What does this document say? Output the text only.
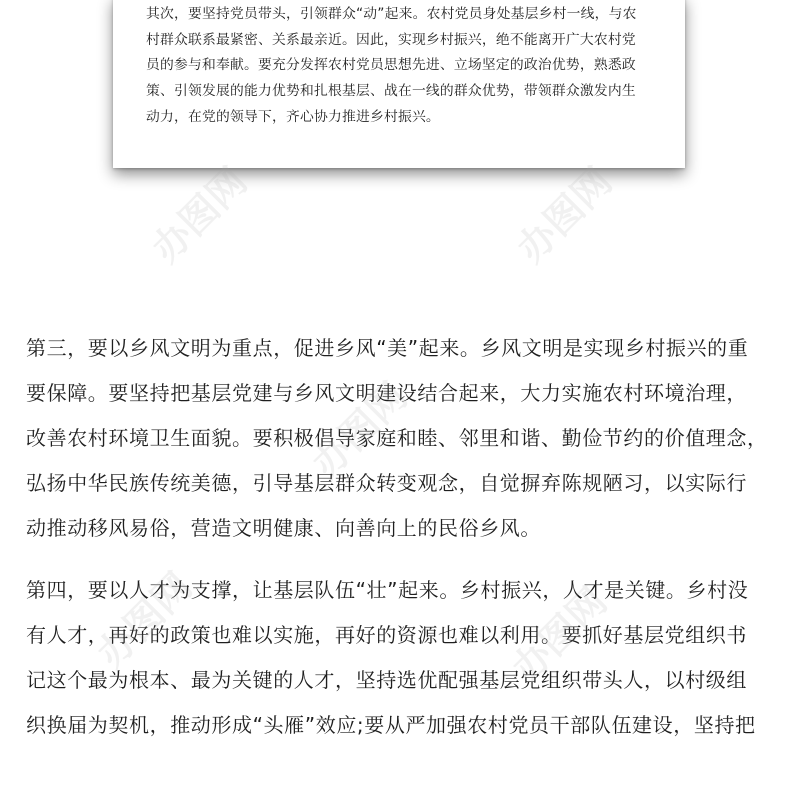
其次，要坚持党员带头，引领群众“动”起来。农村党员身处基层乡村一线，与农

村群众联系最紧密、关系最亲近。因此，实现乡村振兴，绝不能离开广大农村党

员的参与和奉献。要充分发挥农村党员思想先进、立场坚定的政治优势，熟悉政

策、引领发展的能力优势和扎根基层、战在一线的群众优势，带领群众激发内生

动力，在党的领导下，齐心协力推进乡村振兴。

第三，要以乡风文明为重点，促进乡风“美”起来。乡风文明是实现乡村振兴的重

要保障。要坚持把基层党建与乡风文明建设结合起来，大力实施农村环境治理，

改善农村环境卫生面貌。要积极倡导家庭和睦、邻里和谐、勤俭节约的价值理念，

弘扬中华民族传统美德，引导基层群众转变观念，自觉摒弃陈规陋习，以实际行

动推动移风易俗，营造文明健康、向善向上的民俗乡风。

第四，要以人才为支撑，让基层队伍“壮”起来。乡村振兴，人才是关键。乡村没

有人才，再好的政策也难以实施，再好的资源也难以利用。要抓好基层党组织书

记这个最为根本、最为关键的人才，坚持选优配强基层党组织带头人，以村级组

织换届为契机，推动形成“头雁”效应;要从严加强农村党员干部队伍建设，坚持把

办图网	办图网
办图网
办图网	办图网
